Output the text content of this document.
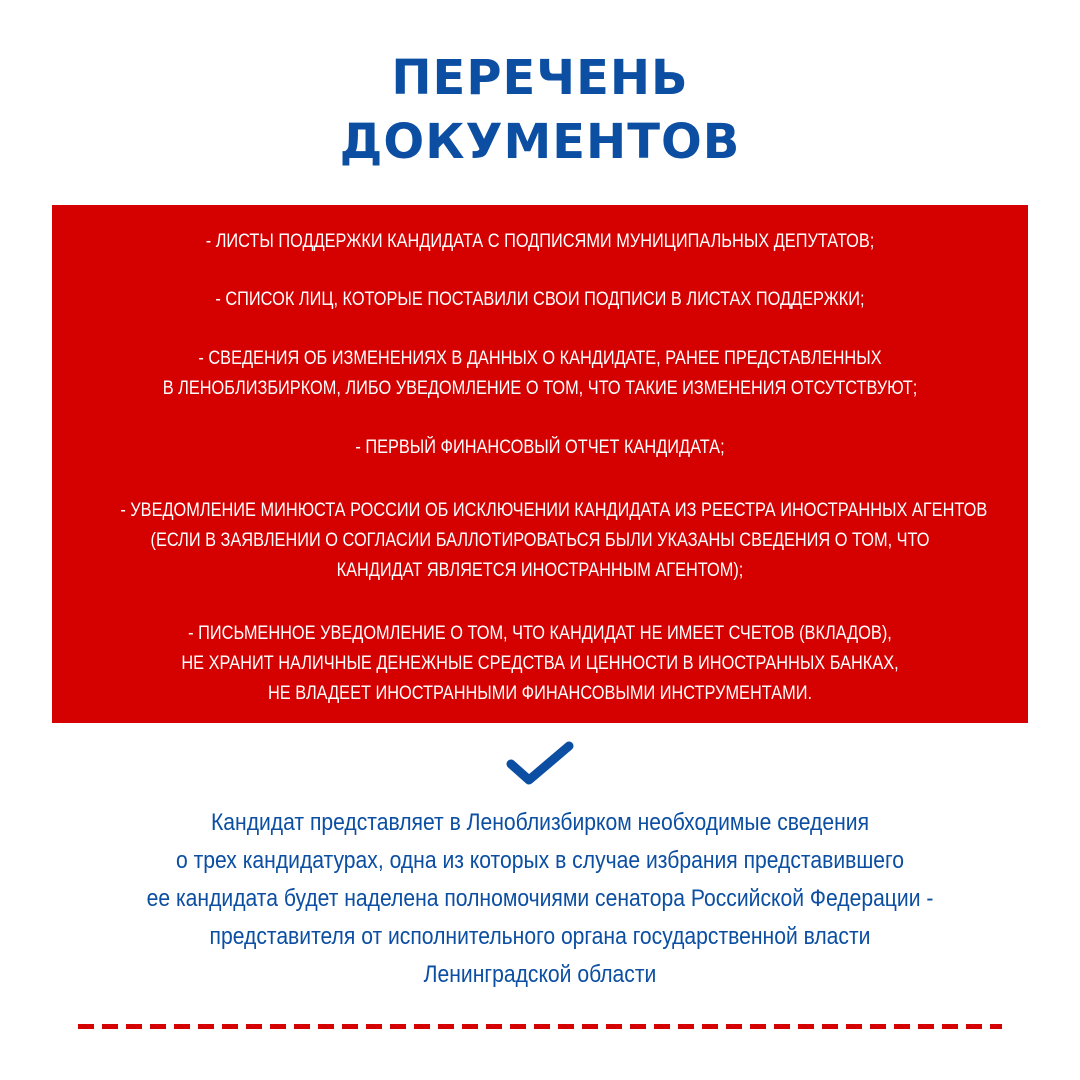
ПЕРЕЧЕНЬ
ДОКУМЕНТОВ
- ЛИСТЫ ПОДДЕРЖКИ КАНДИДАТА С ПОДПИСЯМИ МУНИЦИПАЛЬНЫХ ДЕПУТАТОВ;
- СПИСОК ЛИЦ, КОТОРЫЕ ПОСТАВИЛИ СВОИ ПОДПИСИ В ЛИСТАХ ПОДДЕРЖКИ;
- СВЕДЕНИЯ ОБ ИЗМЕНЕНИЯХ В ДАННЫХ О КАНДИДАТЕ, РАНЕЕ ПРЕДСТАВЛЕННЫХ
В ЛЕНОБЛИЗБИРКОМ, ЛИБО УВЕДОМЛЕНИЕ О ТОМ, ЧТО ТАКИЕ ИЗМЕНЕНИЯ ОТСУТСТВУЮТ;
- ПЕРВЫЙ ФИНАНСОВЫЙ ОТЧЕТ КАНДИДАТА;
- УВЕДОМЛЕНИЕ МИНЮСТА РОССИИ ОБ ИСКЛЮЧЕНИИ КАНДИДАТА ИЗ РЕЕСТРА ИНОСТРАННЫХ АГЕНТОВ
(ЕСЛИ В ЗАЯВЛЕНИИ О СОГЛАСИИ БАЛЛОТИРОВАТЬСЯ БЫЛИ УКАЗАНЫ СВЕДЕНИЯ О ТОМ, ЧТО
КАНДИДАТ ЯВЛЯЕТСЯ ИНОСТРАННЫМ АГЕНТОМ);
- ПИСЬМЕННОЕ УВЕДОМЛЕНИЕ О ТОМ, ЧТО КАНДИДАТ НЕ ИМЕЕТ СЧЕТОВ (ВКЛАДОВ),
НЕ ХРАНИТ НАЛИЧНЫЕ ДЕНЕЖНЫЕ СРЕДСТВА И ЦЕННОСТИ В ИНОСТРАННЫХ БАНКАХ,
НЕ ВЛАДЕЕТ ИНОСТРАННЫМИ ФИНАНСОВЫМИ ИНСТРУМЕНТАМИ.
Кандидат представляет в Леноблизбирком необходимые сведения
о трех кандидатурах, одна из которых в случае избрания представившего
ее кандидата будет наделена полномочиями сенатора Российской Федерации -
представителя от исполнительного органа государственной власти
Ленинградской области
